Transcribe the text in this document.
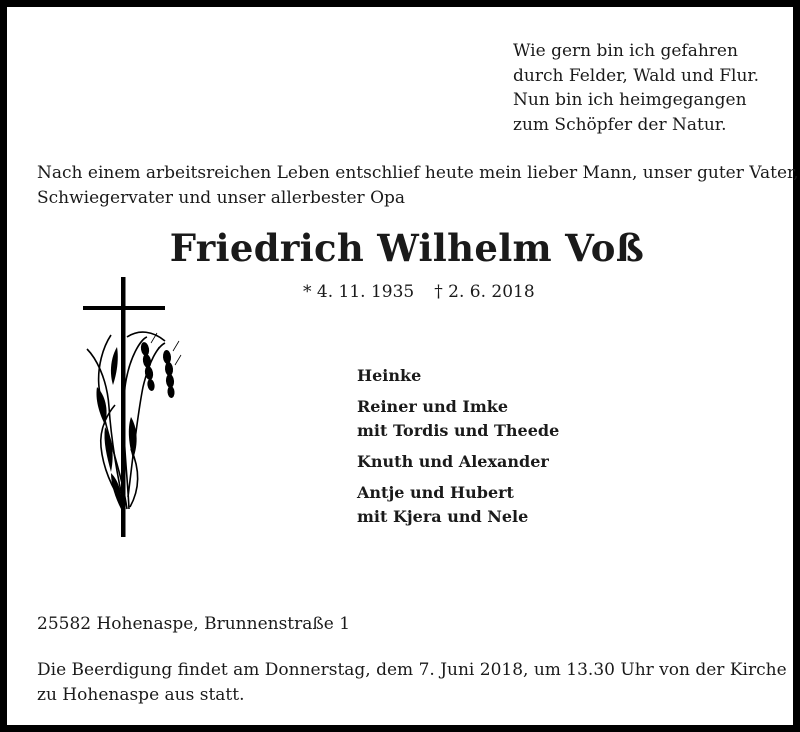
Wie gern bin ich gefahren
durch Felder, Wald und Flur.
Nun bin ich heimgegangen
zum Schöpfer der Natur.
Nach einem arbeitsreichen Leben entschlief heute mein lieber Mann, unser guter Vater,
Schwiegervater und unser allerbester Opa
Friedrich Wilhelm Voß
* 4. 11. 1935 † 2. 6. 2018
Heinke
Reiner und Imke
mit Tordis und Theede
Knuth und Alexander
Antje und Hubert
mit Kjera und Nele
25582 Hohenaspe, Brunnenstraße 1
Die Beerdigung findet am Donnerstag, dem 7. Juni 2018, um 13.30 Uhr von der Kirche
zu Hohenaspe aus statt.
